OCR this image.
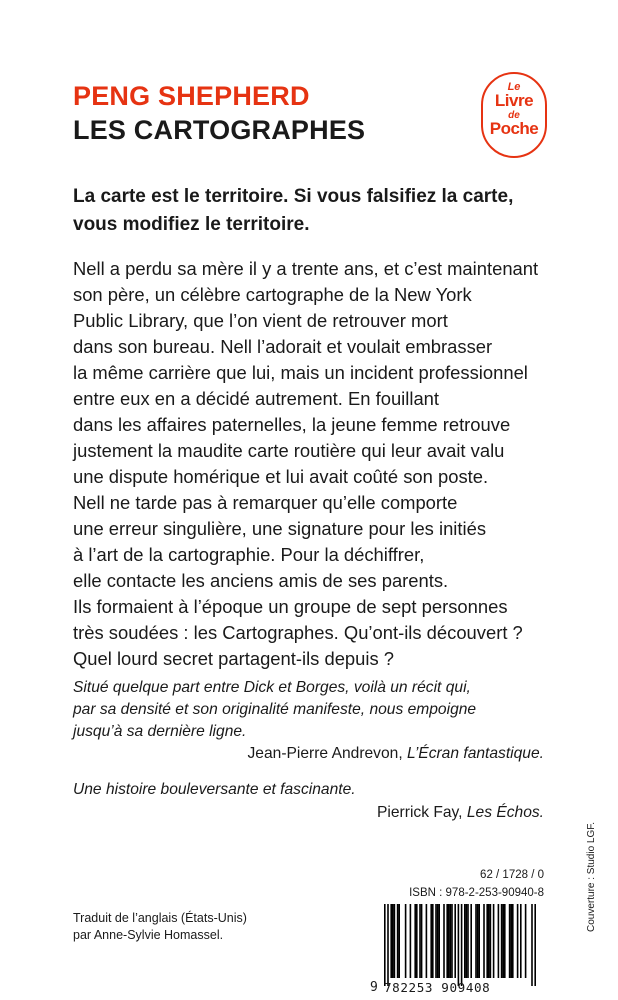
PENG SHEPHERD
LES CARTOGRAPHES
Le
Livre
de
Poche
La carte est le territoire. Si vous falsifiez la carte,
vous modifiez le territoire.
Nell a perdu sa mère il y a trente ans, et c’est maintenant
son père, un célèbre cartographe de la New York
Public Library, que l’on vient de retrouver mort
dans son bureau. Nell l’adorait et voulait embrasser
la même carrière que lui, mais un incident professionnel
entre eux en a décidé autrement. En fouillant
dans les affaires paternelles, la jeune femme retrouve
justement la maudite carte routière qui leur avait valu
une dispute homérique et lui avait coûté son poste.
Nell ne tarde pas à remarquer qu’elle comporte
une erreur singulière, une signature pour les initiés
à l’art de la cartographie. Pour la déchiffrer,
elle contacte les anciens amis de ses parents.
Ils formaient à l’époque un groupe de sept personnes
très soudées : les Cartographes. Qu’ont-ils découvert ?
Quel lourd secret partagent-ils depuis ?
Situé quelque part entre Dick et Borges, voilà un récit qui,
par sa densité et son originalité manifeste, nous empoigne
jusqu’à sa dernière ligne.
Jean-Pierre Andrevon, L’Écran fantastique.
Une histoire bouleversante et fascinante.
Pierrick Fay, Les Échos.
Couverture : Studio LGF.
62 / 1728 / 0
ISBN : 978-2-253-90940-8
Traduit de l’anglais (États-Unis)
par Anne-Sylvie Homassel.
9 782253 909408
